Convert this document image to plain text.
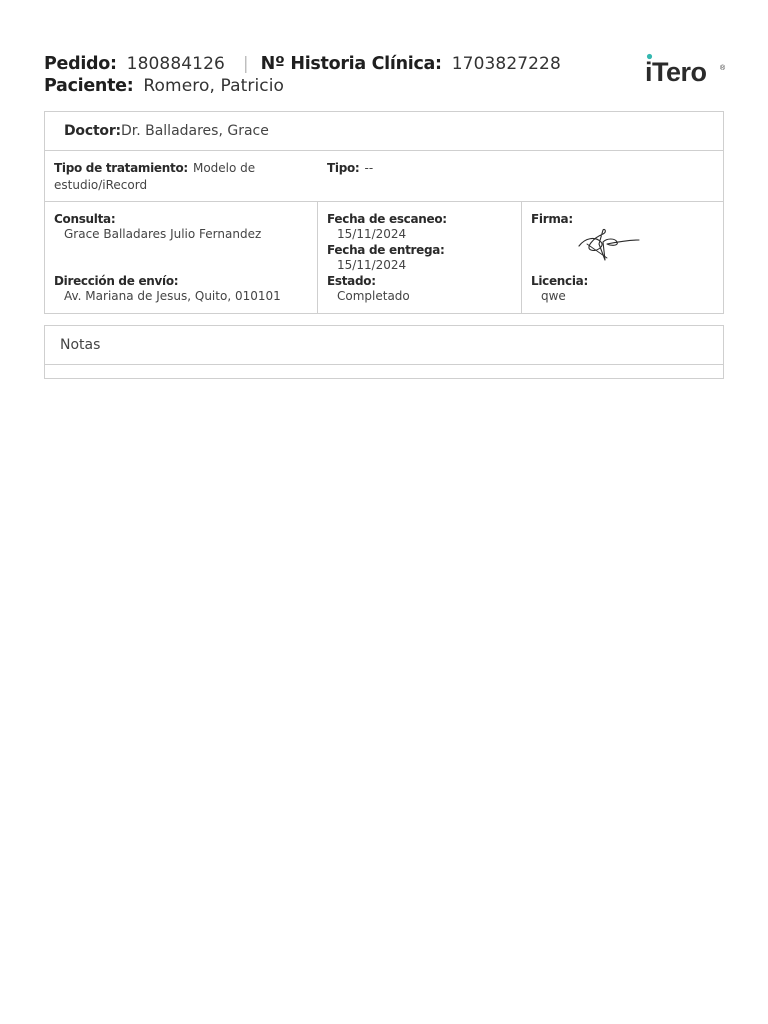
Pedido: 180884126 | Nº Historia Clínica: 1703827228
Paciente: Romero, Patricio	iTero ®
Doctor: Dr. Balladares, Grace
Tipo de tratamiento: Modelo de estudio/iRecord
Tipo: --
Consulta:
Grace Balladares Julio Fernandez
Dirección de envío:
Av. Mariana de Jesus, Quito, 010101
Fecha de escaneo:
15/11/2024
Fecha de entrega:
15/11/2024
Estado:
Completado
Firma:
Licencia:
qwe
Notas
